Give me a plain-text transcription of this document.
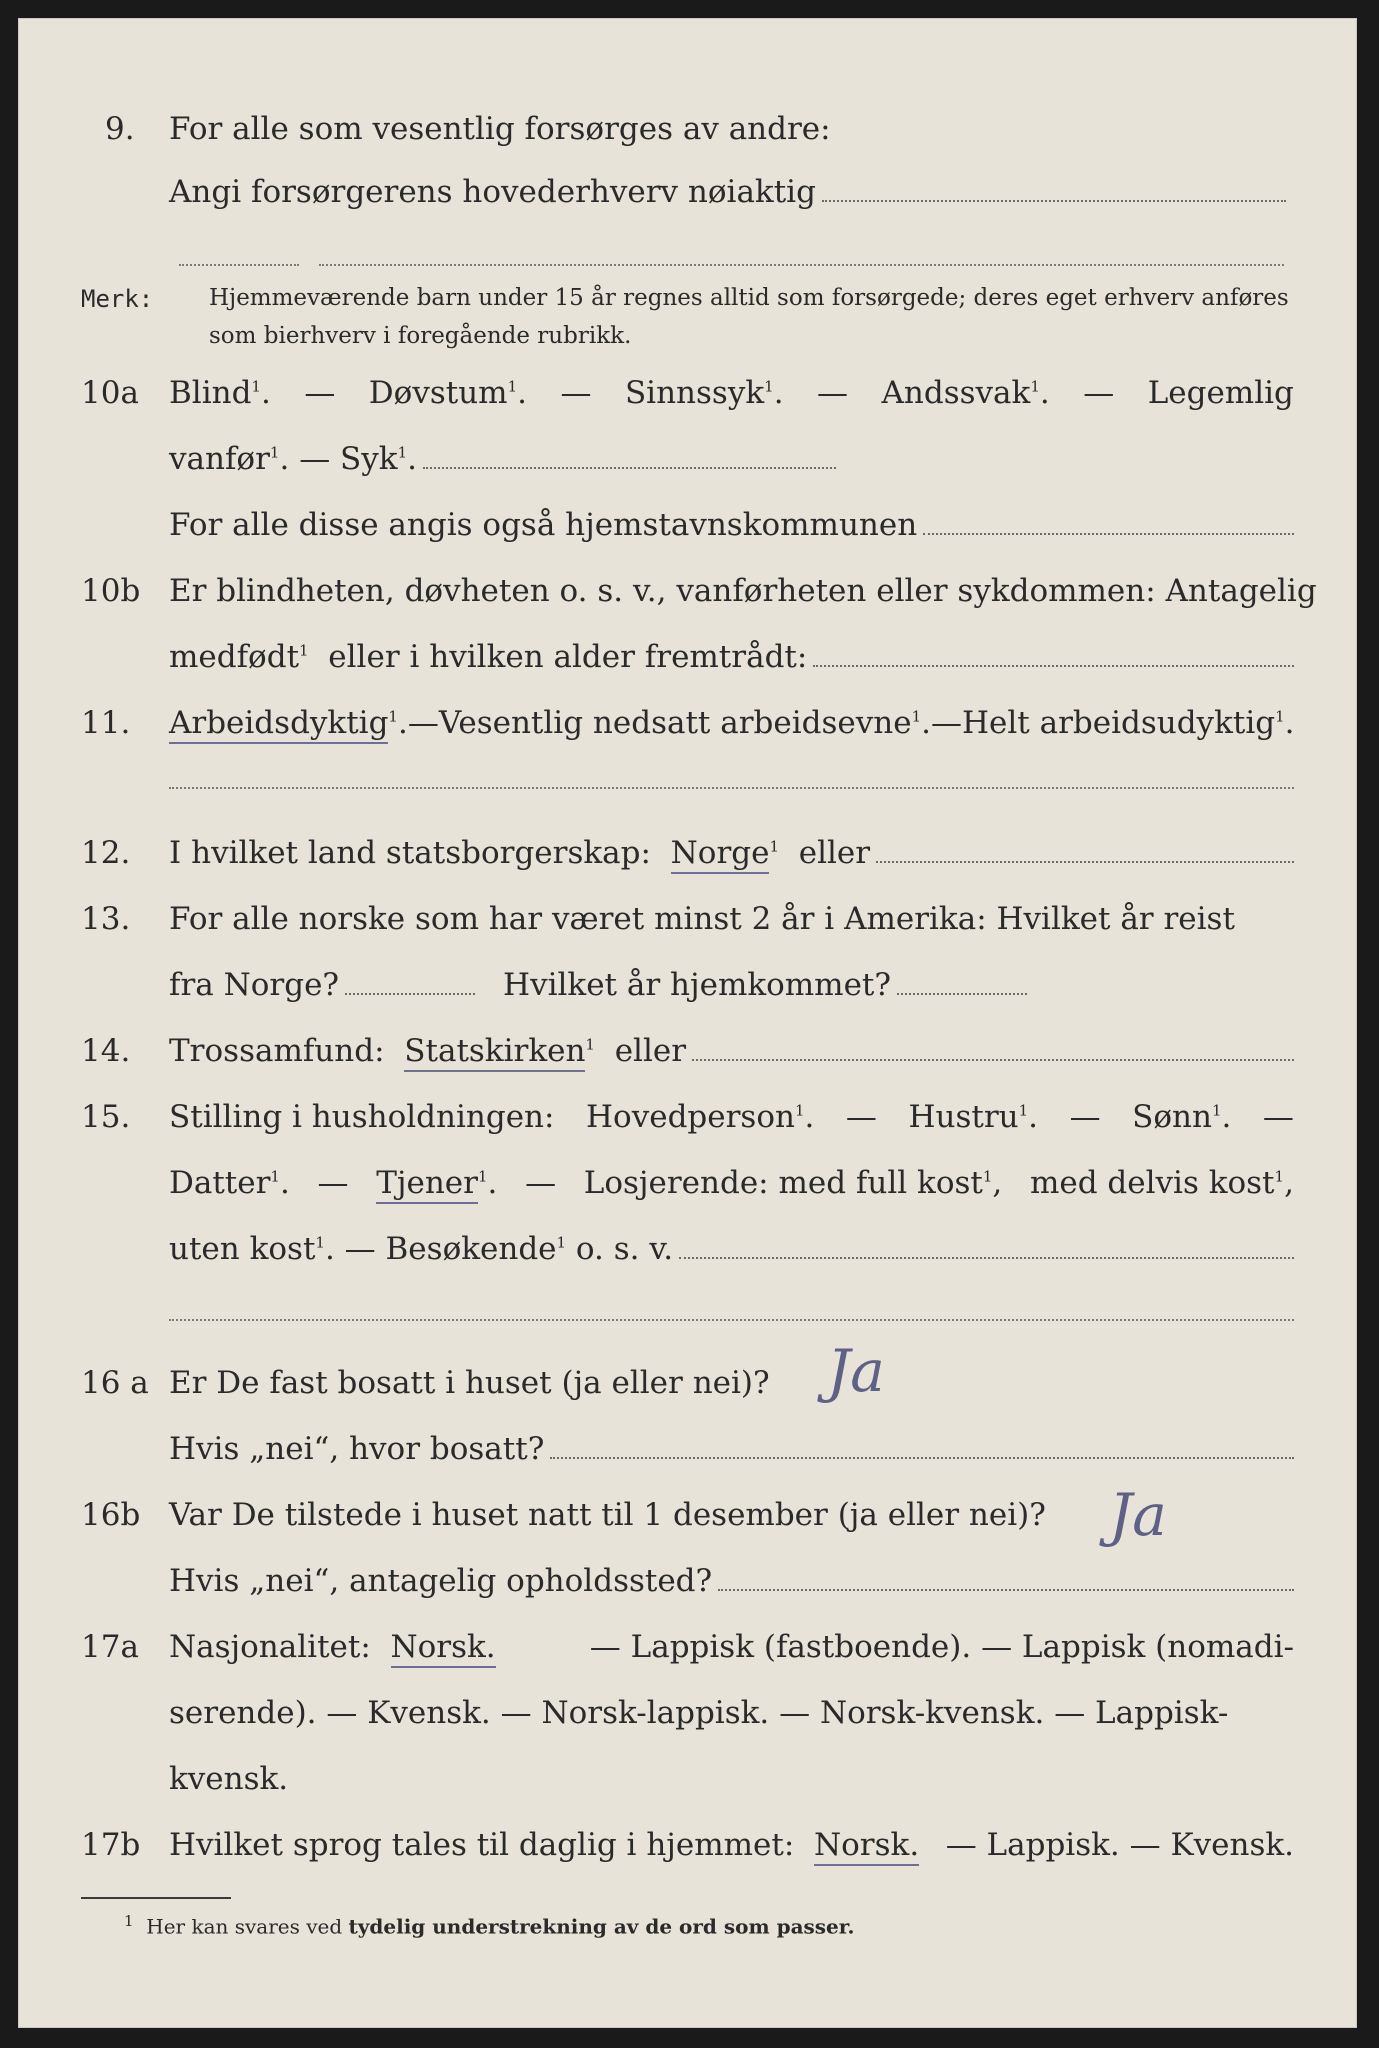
9.	For alle som vesentlig forsørges av andre:
Angi forsørgerens hovederhverv nøiaktig
Merk: Hjemmeværende barn under 15 år regnes alltid som forsørgede; deres eget erhverv anføres som bierhverv i foregående rubrikk.
10a Blind$^1$. — Døvstum$^1$. — Sinnssyk$^1$. — Andssvak$^1$. — Legemlig
vanfør$^1$. — Syk$^1$.
For alle disse angis også hjemstavnskommunen
10b Er blindheten, døvheten o. s. v., vanførheten eller sykdommen: Antagelig
medfødt$^1$ eller i hvilken alder fremtrådt:
11.	Arbeidsdyktig$^1$. — Vesentlig nedsatt arbeidsevne$^1$. — Helt arbeidsudyktig$^1$.
12.	I hvilket land statsborgerskap: Norge$^1$ eller
13.	For alle norske som har været minst 2 år i Amerika: Hvilket år reist
fra Norge?	Hvilket år hjemkommet?
14.	Trossamfund: Statskirken$^1$ eller
15.	Stilling i husholdningen: Hovedperson$^1$. — Hustru$^1$. — Sønn$^1$. —
Datter$^1$. — Tjener$^1$. — Losjerende: med full kost$^1$, med delvis kost$^1$,
uten kost$^1$. — Besøkende$^1$ o. s. v.
16 a Er De fast bosatt i huset (ja eller nei)? Ja
Hvis „nei“, hvor bosatt?
16b Var De tilstede i huset natt til 1 desember (ja eller nei)? Ja
Hvis „nei“, antagelig opholdssted?
17a Nasjonalitet: Norsk.	— Lappisk (fastboende). — Lappisk (nomadi-
serende). — Kvensk. — Norsk-lappisk. — Norsk-kvensk. — Lappisk-
kvensk.
17b Hvilket sprog tales til daglig i hjemmet: Norsk. — Lappisk. — Kvensk.
$^1$ Her kan svares ved tydelig understrekning av de ord som passer.
